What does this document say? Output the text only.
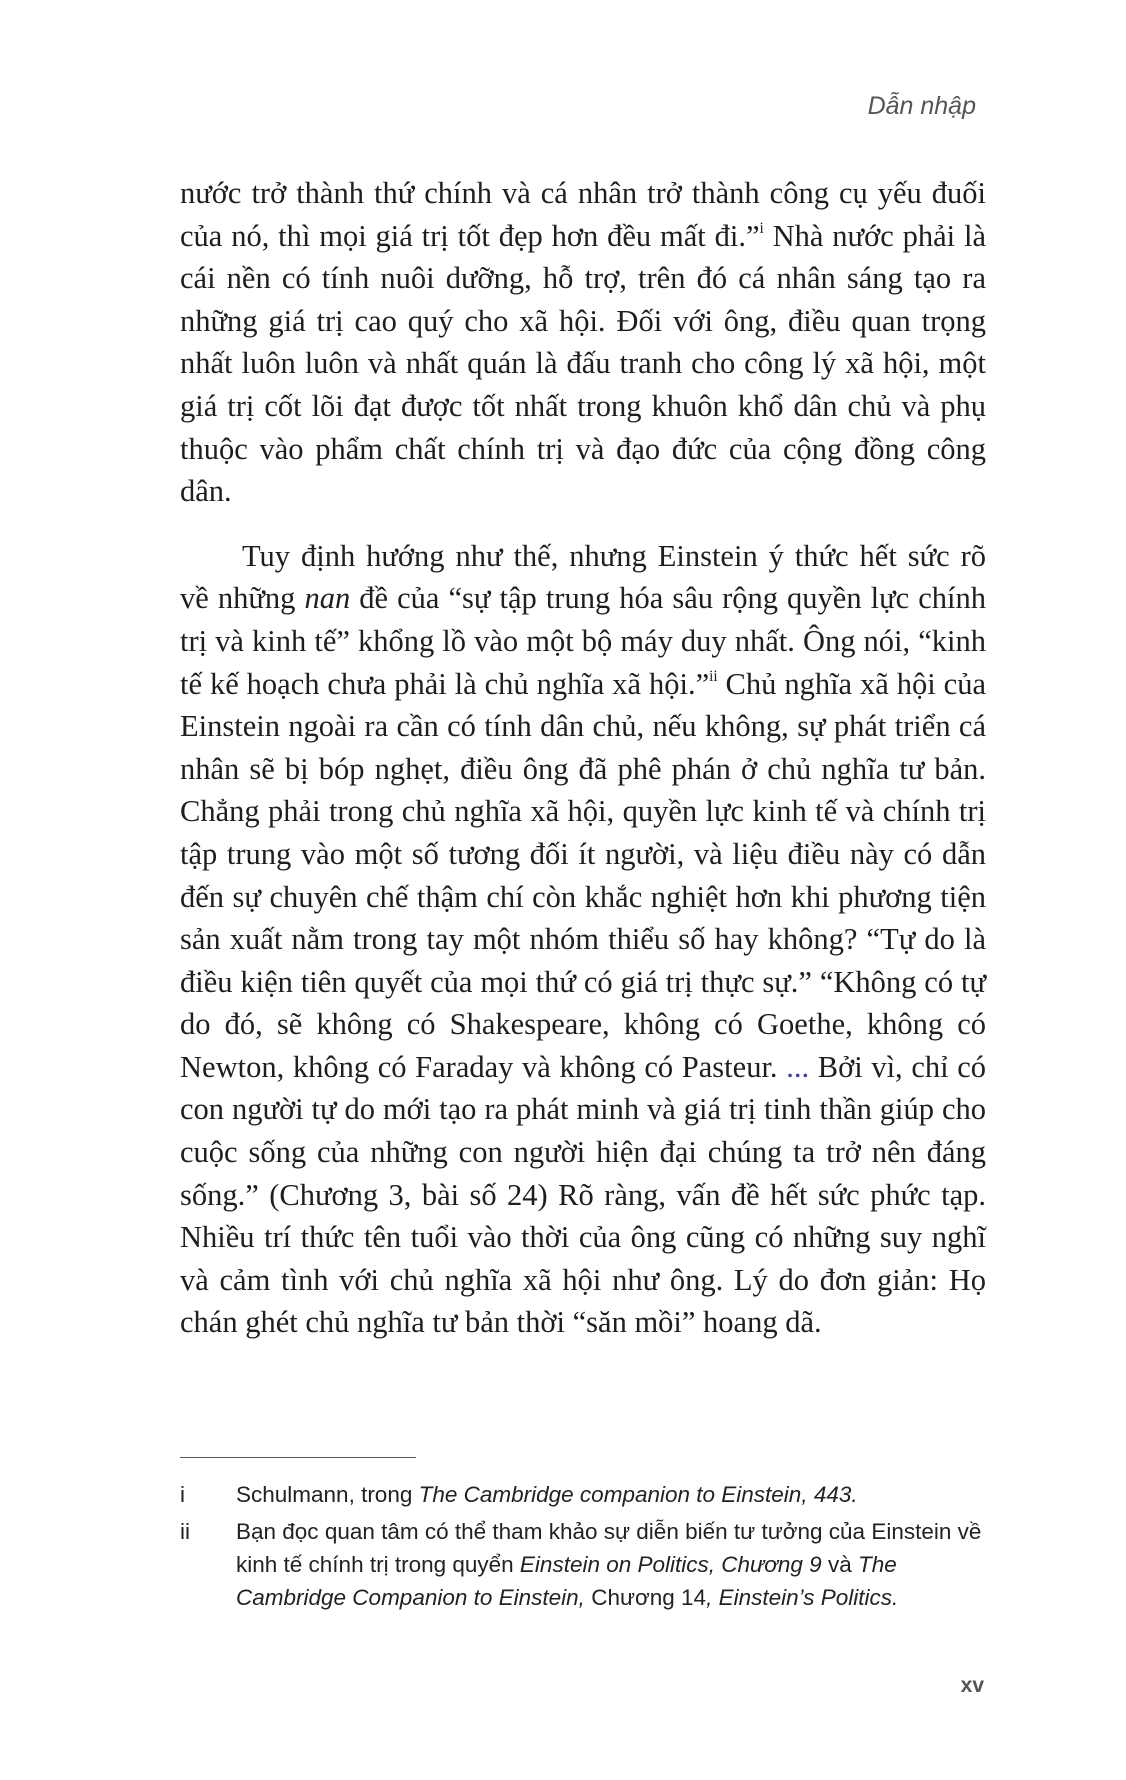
Dẫn nhập

nước trở thành thứ chính và cá nhân trở thành công cụ yếu đuối của nó, thì mọi giá trị tốt đẹp hơn đều mất đi.”$^i$ Nhà nước phải là cái nền có tính nuôi dưỡng, hỗ trợ, trên đó cá nhân sáng tạo ra những giá trị cao quý cho xã hội. Đối với ông, điều quan trọng nhất luôn luôn và nhất quán là đấu tranh cho công lý xã hội, một giá trị cốt lõi đạt được tốt nhất trong khuôn khổ dân chủ và phụ thuộc vào phẩm chất chính trị và đạo đức của cộng đồng công dân.

Tuy định hướng như thế, nhưng Einstein ý thức hết sức rõ về những nan đề của “sự tập trung hóa sâu rộng quyền lực chính trị và kinh tế” khổng lồ vào một bộ máy duy nhất. Ông nói, “kinh tế kế hoạch chưa phải là chủ nghĩa xã hội.”$^{ii}$ Chủ nghĩa xã hội của Einstein ngoài ra cần có tính dân chủ, nếu không, sự phát triển cá nhân sẽ bị bóp nghẹt, điều ông đã phê phán ở chủ nghĩa tư bản. Chẳng phải trong chủ nghĩa xã hội, quyền lực kinh tế và chính trị tập trung vào một số tương đối ít người, và liệu điều này có dẫn đến sự chuyên chế thậm chí còn khắc nghiệt hơn khi phương tiện sản xuất nằm trong tay một nhóm thiểu số hay không? “Tự do là điều kiện tiên quyết của mọi thứ có giá trị thực sự.” “Không có tự do đó, sẽ không có Shakespeare, không có Goethe, không có Newton, không có Faraday và không có Pasteur. ... Bởi vì, chỉ có con người tự do mới tạo ra phát minh và giá trị tinh thần giúp cho cuộc sống của những con người hiện đại chúng ta trở nên đáng sống.” (Chương 3, bài số 24) Rõ ràng, vấn đề hết sức phức tạp. Nhiều trí thức tên tuổi vào thời của ông cũng có những suy nghĩ và cảm tình với chủ nghĩa xã hội như ông. Lý do đơn giản: Họ chán ghét chủ nghĩa tư bản thời “săn mồi” hoang dã.

i	Schulmann, trong The Cambridge companion to Einstein, 443.
ii	Bạn đọc quan tâm có thể tham khảo sự diễn biến tư tưởng của Einstein về kinh tế chính trị trong quyển Einstein on Politics, Chương 9 và The Cambridge Companion to Einstein, Chương 14, Einstein’s Politics.
xv
